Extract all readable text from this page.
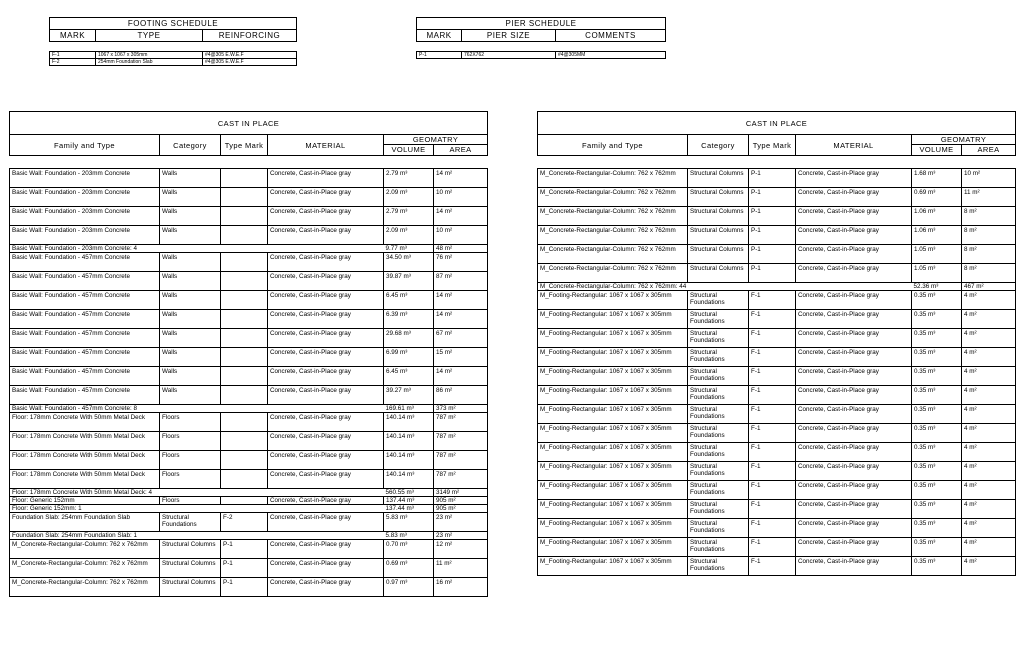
FOOTING SCHEDULE		
MARK	TYPE	REINFORCING

F-1	1067 x 1067 x 305mm	#4@305 E.W.E.F
F-2	254mm Foundation Slab	#4@305 E.W.E.F
PIER SCHEDULE		
MARK	PIER SIZE	COMMENTS

P-1	762X762	#4@305MM
CAST IN PLACE					
Family and Type	Category	Type Mark	MATERIAL	GEOMATRY	
				VOLUME	AREA

Basic Wall: Foundation - 203mm Concrete	Walls		Concrete, Cast-in-Place gray	2.79 m³	14 m²
Basic Wall: Foundation - 203mm Concrete	Walls		Concrete, Cast-in-Place gray	2.09 m³	10 m²
Basic Wall: Foundation - 203mm Concrete	Walls		Concrete, Cast-in-Place gray	2.79 m³	14 m²
Basic Wall: Foundation - 203mm Concrete	Walls		Concrete, Cast-in-Place gray	2.09 m³	10 m²
Basic Wall: Foundation - 203mm Concrete: 4				9.77 m³	48 m²
Basic Wall: Foundation - 457mm Concrete	Walls		Concrete, Cast-in-Place gray	34.50 m³	76 m²
Basic Wall: Foundation - 457mm Concrete	Walls		Concrete, Cast-in-Place gray	39.87 m³	87 m²
Basic Wall: Foundation - 457mm Concrete	Walls		Concrete, Cast-in-Place gray	6.45 m³	14 m²
Basic Wall: Foundation - 457mm Concrete	Walls		Concrete, Cast-in-Place gray	6.39 m³	14 m²
Basic Wall: Foundation - 457mm Concrete	Walls		Concrete, Cast-in-Place gray	29.68 m³	67 m²
Basic Wall: Foundation - 457mm Concrete	Walls		Concrete, Cast-in-Place gray	6.99 m³	15 m²
Basic Wall: Foundation - 457mm Concrete	Walls		Concrete, Cast-in-Place gray	6.45 m³	14 m²
Basic Wall: Foundation - 457mm Concrete	Walls		Concrete, Cast-in-Place gray	39.27 m³	86 m²
Basic Wall: Foundation - 457mm Concrete: 8				169.61 m³	373 m²
Floor: 178mm Concrete With 50mm Metal Deck	Floors		Concrete, Cast-in-Place gray	140.14 m³	787 m²
Floor: 178mm Concrete With 50mm Metal Deck	Floors		Concrete, Cast-in-Place gray	140.14 m³	787 m²
Floor: 178mm Concrete With 50mm Metal Deck	Floors		Concrete, Cast-in-Place gray	140.14 m³	787 m²
Floor: 178mm Concrete With 50mm Metal Deck	Floors		Concrete, Cast-in-Place gray	140.14 m³	787 m²
Floor: 178mm Concrete With 50mm Metal Deck: 4				560.55 m³	3149 m²
Floor: Generic 152mm	Floors		Concrete, Cast-in-Place gray	137.44 m³	905 m²
Floor: Generic 152mm: 1				137.44 m³	905 m²
Foundation Slab: 254mm Foundation Slab	Structural Foundations	F-2	Concrete, Cast-in-Place gray	5.83 m³	23 m²
Foundation Slab: 254mm Foundation Slab: 1				5.83 m³	23 m²
M_Concrete-Rectangular-Column: 762 x 762mm	Structural Columns	P-1	Concrete, Cast-in-Place gray	0.70 m³	12 m²
M_Concrete-Rectangular-Column: 762 x 762mm	Structural Columns	P-1	Concrete, Cast-in-Place gray	0.69 m³	11 m²
M_Concrete-Rectangular-Column: 762 x 762mm	Structural Columns	P-1	Concrete, Cast-in-Place gray	0.97 m³	16 m²
CAST IN PLACE					
Family and Type	Category	Type Mark	MATERIAL	GEOMATRY	
				VOLUME	AREA

M_Concrete-Rectangular-Column: 762 x 762mm	Structural Columns	P-1	Concrete, Cast-in-Place gray	1.68 m³	10 m²
M_Concrete-Rectangular-Column: 762 x 762mm	Structural Columns	P-1	Concrete, Cast-in-Place gray	0.69 m³	11 m²
M_Concrete-Rectangular-Column: 762 x 762mm	Structural Columns	P-1	Concrete, Cast-in-Place gray	1.06 m³	8 m²
M_Concrete-Rectangular-Column: 762 x 762mm	Structural Columns	P-1	Concrete, Cast-in-Place gray	1.06 m³	8 m²
M_Concrete-Rectangular-Column: 762 x 762mm	Structural Columns	P-1	Concrete, Cast-in-Place gray	1.05 m³	8 m²
M_Concrete-Rectangular-Column: 762 x 762mm	Structural Columns	P-1	Concrete, Cast-in-Place gray	1.05 m³	8 m²
M_Concrete-Rectangular-Column: 762 x 762mm: 44				52.36 m³	467 m²
M_Footing-Rectangular: 1067 x 1067 x 305mm	Structural Foundations	F-1	Concrete, Cast-in-Place gray	0.35 m³	4 m²
M_Footing-Rectangular: 1067 x 1067 x 305mm	Structural Foundations	F-1	Concrete, Cast-in-Place gray	0.35 m³	4 m²
M_Footing-Rectangular: 1067 x 1067 x 305mm	Structural Foundations	F-1	Concrete, Cast-in-Place gray	0.35 m³	4 m²
M_Footing-Rectangular: 1067 x 1067 x 305mm	Structural Foundations	F-1	Concrete, Cast-in-Place gray	0.35 m³	4 m²
M_Footing-Rectangular: 1067 x 1067 x 305mm	Structural Foundations	F-1	Concrete, Cast-in-Place gray	0.35 m³	4 m²
M_Footing-Rectangular: 1067 x 1067 x 305mm	Structural Foundations	F-1	Concrete, Cast-in-Place gray	0.35 m³	4 m²
M_Footing-Rectangular: 1067 x 1067 x 305mm	Structural Foundations	F-1	Concrete, Cast-in-Place gray	0.35 m³	4 m²
M_Footing-Rectangular: 1067 x 1067 x 305mm	Structural Foundations	F-1	Concrete, Cast-in-Place gray	0.35 m³	4 m²
M_Footing-Rectangular: 1067 x 1067 x 305mm	Structural Foundations	F-1	Concrete, Cast-in-Place gray	0.35 m³	4 m²
M_Footing-Rectangular: 1067 x 1067 x 305mm	Structural Foundations	F-1	Concrete, Cast-in-Place gray	0.35 m³	4 m²
M_Footing-Rectangular: 1067 x 1067 x 305mm	Structural Foundations	F-1	Concrete, Cast-in-Place gray	0.35 m³	4 m²
M_Footing-Rectangular: 1067 x 1067 x 305mm	Structural Foundations	F-1	Concrete, Cast-in-Place gray	0.35 m³	4 m²
M_Footing-Rectangular: 1067 x 1067 x 305mm	Structural Foundations	F-1	Concrete, Cast-in-Place gray	0.35 m³	4 m²
M_Footing-Rectangular: 1067 x 1067 x 305mm	Structural Foundations	F-1	Concrete, Cast-in-Place gray	0.35 m³	4 m²
M_Footing-Rectangular: 1067 x 1067 x 305mm	Structural Foundations	F-1	Concrete, Cast-in-Place gray	0.35 m³	4 m²
